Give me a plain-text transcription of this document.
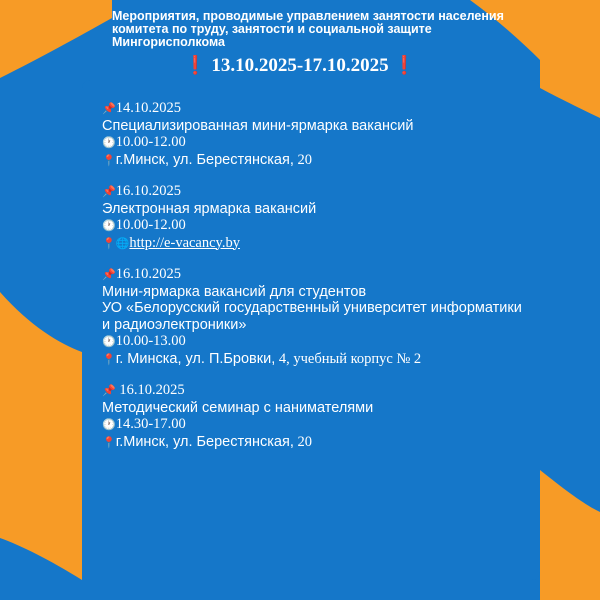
Мероприятия, проводимые управлением занятости населения комитета по труду, занятости и социальной защите Мингорисполкома
❗ 13.10.2025-17.10.2025 ❗
📌14.10.2025
Специализированная мини-ярмарка вакансий
🕐10.00-12.00
📍г.Минск, ул. Берестянская, 20
📌16.10.2025
Электронная ярмарка вакансий
🕐10.00-12.00
📍🌐http://e-vacancy.by
📌16.10.2025
Мини-ярмарка вакансий для студентов
УО «Белорусский государственный университет информатики и радиоэлектроники»
🕐10.00-13.00
📍г. Минска, ул. П.Бровки, 4, учебный корпус № 2
📌 16.10.2025
Методический семинар с нанимателями
🕐14.30-17.00
📍г.Минск, ул. Берестянская, 20
